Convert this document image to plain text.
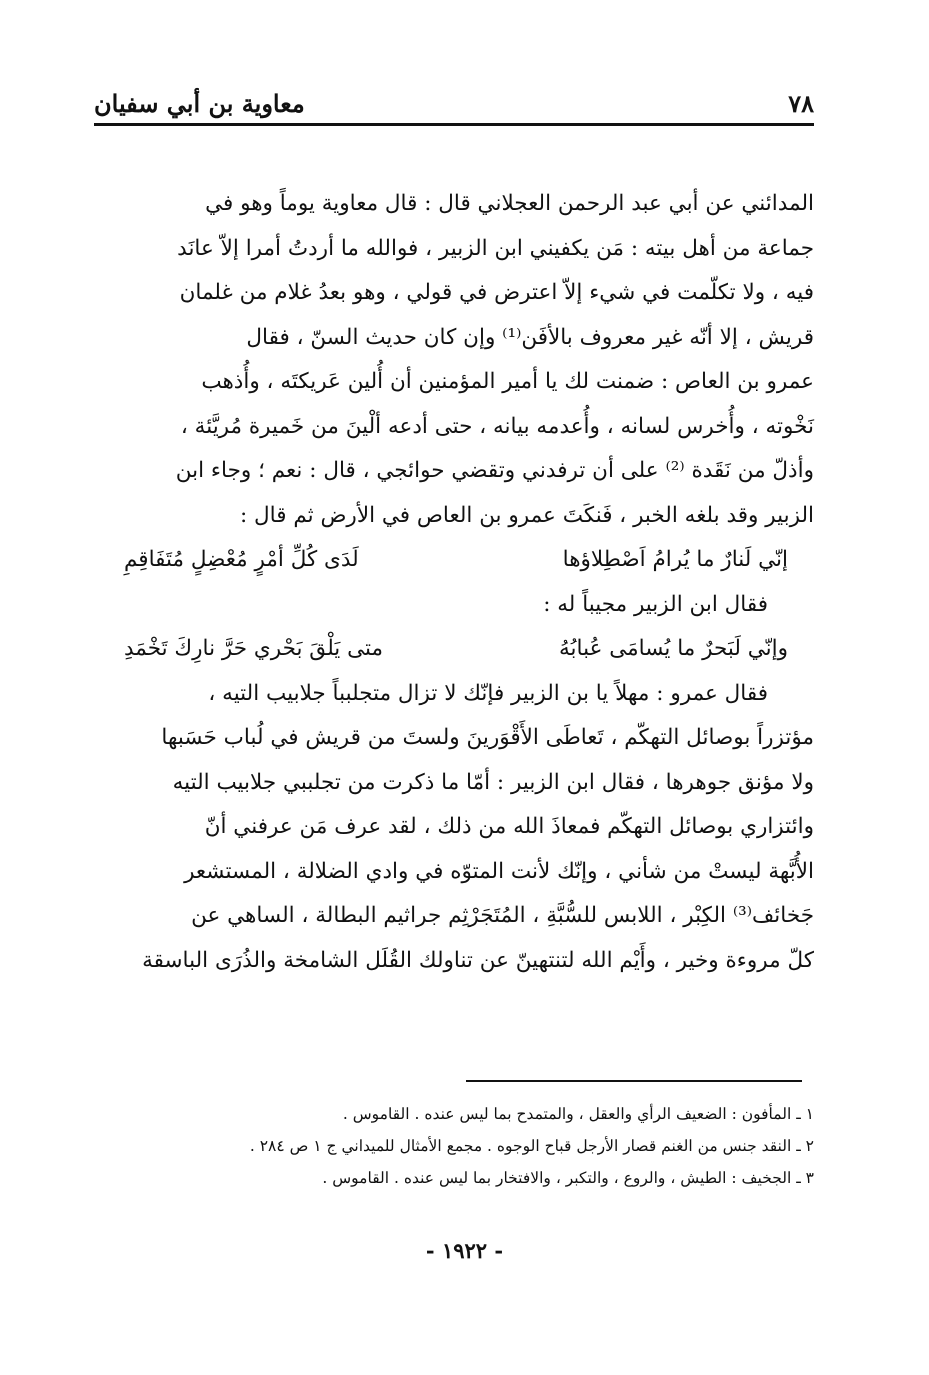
٧٨
معاوية بن أبي سفيان

المدائني عن أبي عبد الرحمن العجلاني قال : قال معاوية يوماً وهو في

جماعة من أهل بيته : مَن يكفيني ابن الزبير ، فوالله ما أردتُ أمرا إلاّ عانَد

فيه ، ولا تكلّمت في شيء إلاّ اعترض في قولي ، وهو بعدُ غلام من غلمان

قريش ، إلا أنّه غير معروف بالأفَن⁽¹⁾ وإن كان حديث السنّ ، فقال

عمرو بن العاص : ضمنت لك يا أمير المؤمنين أن أُلين عَريكتَه ، وأُذهب

نَخْوته ، وأُخرس لسانه ، وأُعدمه بيانه ، حتى أدعه ألْينَ من خَميرة مُريَّئة ،

وأذلّ من نَقَدة ⁽²⁾ على أن ترفدني وتقضي حوائجي ، قال : نعم ؛ وجاء ابن

الزبير وقد بلغه الخبر ، فَنكَتَ عمرو بن العاص في الأرض ثم قال :

إنّي لَنارٌ ما يُرامُ اَصْطِلاؤها
لَدَى كُلِّ أمْرٍ مُعْضِلٍ مُتَفَاقِمِ

فقال ابن الزبير مجيباً له :

وإنّي لَبَحرٌ ما يُسامَى عُبابُهُ
متى يَلْقَ بَحْري حَرَّ نارِكَ تَخْمَدِ

فقال عمرو : مهلاً يا بن الزبير فإنّك لا تزال متجلبباً جلابيب التيه ،

مؤتزراً بوصائل التهكّم ، تَعاطَى الأَقْوَرينَ ولستَ من قريش في لُباب حَسَبها

ولا مؤنق جوهرها ، فقال ابن الزبير : أمّا ما ذكرت من تجلببي جلابيب التيه

وائتزاري بوصائل التهكّم فمعاذَ الله من ذلك ، لقد عرف مَن عرفني أنّ

الأُبَّهة ليستْ من شأني ، وإنّك لأنت المتوّه في وادي الضلالة ، المستشعر

جَخائف⁽³⁾ الكِبْر ، اللابس للسُّبَّةِ ، المُتَجَرْثِم جراثيم البطالة ، الساهي عن

كلّ مروءة وخير ، وأَيْم الله لتنتهينّ عن تناولك القُلَل الشامخة والذُرَى الباسقة

١ ـ المأفون : الضعيف الرأي والعقل ، والمتمدح بما ليس عنده . القاموس .
٢ ـ النقد جنس من الغنم قصار الأرجل قباح الوجوه . مجمع الأمثال للميداني ج ١ ص ٢٨٤ .
٣ ـ الجخيف : الطيش ، والروع ، والتكبر ، والافتخار بما ليس عنده . القاموس .
- ١٩٢٢ -
